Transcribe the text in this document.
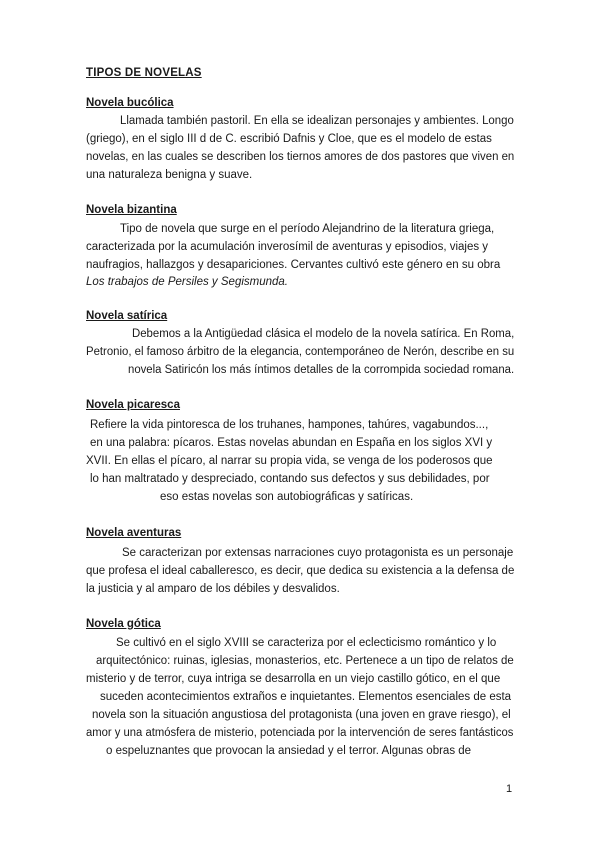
TIPOS DE NOVELAS
Novela bucólica
Llamada también pastoril. En ella se idealizan personajes y ambientes. Longo
(griego), en el siglo III d de C. escribió Dafnis y Cloe, que es el modelo de estas
novelas, en las cuales se describen los tiernos amores de dos pastores que viven en
una naturaleza benigna y suave.
Novela bizantina
Tipo de novela que surge en el período Alejandrino de la literatura griega,
caracterizada por la acumulación inverosímil de aventuras y episodios, viajes y
naufragios, hallazgos y desapariciones. Cervantes cultivó este género en su obra
Los trabajos de Persiles y Segismunda.
Novela satírica
Debemos a la Antigüedad clásica el modelo de la novela satírica. En Roma,
Petronio, el famoso árbitro de la elegancia, contemporáneo de Nerón, describe en su
novela Satiricón los más íntimos detalles de la corrompida sociedad romana.
Novela picaresca
Refiere la vida pintoresca de los truhanes, hampones, tahúres, vagabundos...,
en una palabra: pícaros. Estas novelas abundan en España en los siglos XVI y
XVII. En ellas el pícaro, al narrar su propia vida, se venga de los poderosos que
lo han maltratado y despreciado, contando sus defectos y sus debilidades, por
eso estas novelas son autobiográficas y satíricas.
Novela aventuras
Se caracterizan por extensas narraciones cuyo protagonista es un personaje
que profesa el ideal caballeresco, es decir, que dedica su existencia a la defensa de
la justicia y al amparo de los débiles y desvalidos.
Novela gótica
Se cultivó en el siglo XVIII se caracteriza por el eclecticismo romántico y lo
arquitectónico: ruinas, iglesias, monasterios, etc. Pertenece a un tipo de relatos de
misterio y de terror, cuya intriga se desarrolla en un viejo castillo gótico, en el que
suceden acontecimientos extraños e inquietantes. Elementos esenciales de esta
novela son la situación angustiosa del protagonista (una joven en grave riesgo), el
amor y una atmósfera de misterio, potenciada por la intervención de seres fantásticos
o espeluznantes que provocan la ansiedad y el terror. Algunas obras de
1
